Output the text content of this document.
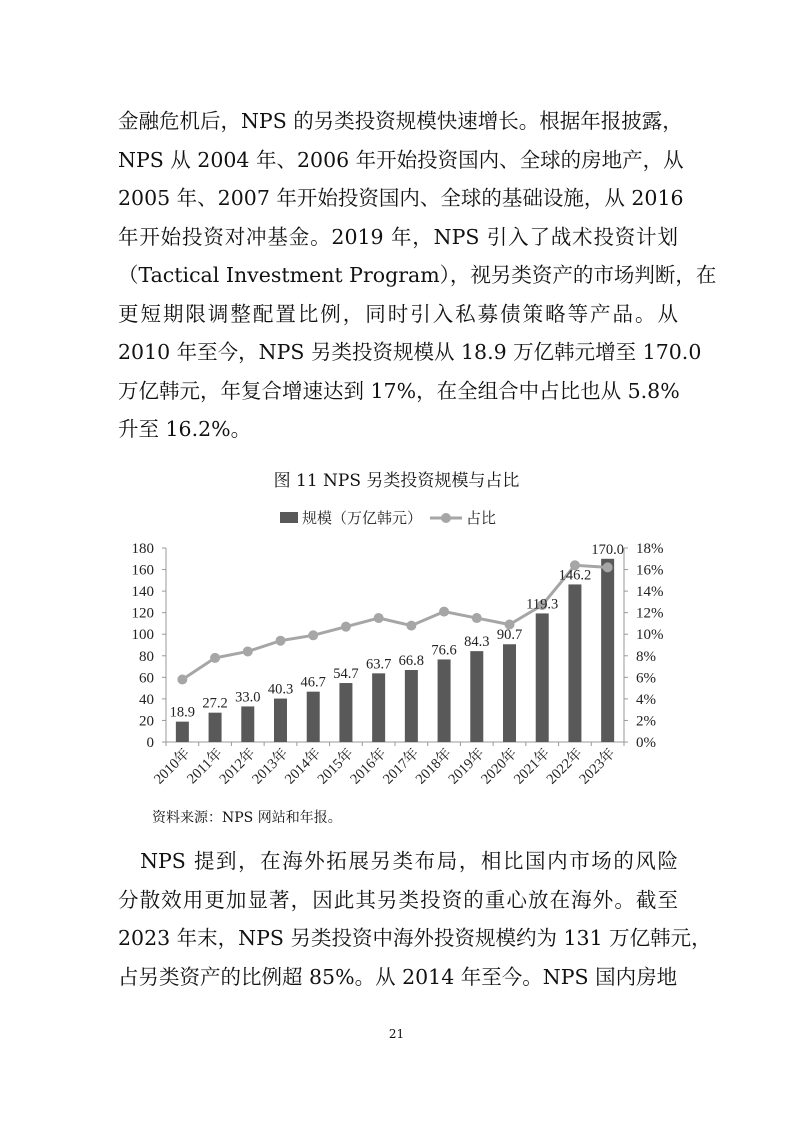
金融危机后，NPS 的另类投资规模快速增长。根据年报披露，
NPS 从 2004 年、2006 年开始投资国内、全球的房地产，从
2005 年、2007 年开始投资国内、全球的基础设施，从 2016
年开始投资对冲基金。2019 年，NPS 引入了战术投资计划
（Tactical Investment Program），视另类资产的市场判断，在
更短期限调整配置比例，同时引入私募债策略等产品。从
2010 年至今，NPS 另类投资规模从 18.9 万亿韩元增至 170.0
万亿韩元，年复合增速达到 17%，在全组合中占比也从 5.8%
升至 16.2%。

图 11 NPS 另类投资规模与占比
规模（万亿韩元）	占比
0
20
40
60
80
100
120
140
160
180
0%
2%
4%
6%
8%
10%
12%
14%
16%
18%
2010年
2011年
2012年
2013年
2014年
2015年
2016年
2017年
2018年
2019年
2020年
2021年
2022年
2023年
18.9
27.2 33.0 40.3 46.7
54.7
63.7 66.8
76.6
84.3 90.7
119.3
146.2
170.0
资料来源：NPS 网站和年报。

　NPS 提到，在海外拓展另类布局，相比国内市场的风险
分散效用更加显著，因此其另类投资的重心放在海外。截至
2023 年末，NPS 另类投资中海外投资规模约为 131 万亿韩元，
占另类资产的比例超 85%。从 2014 年至今。NPS 国内房地

21
